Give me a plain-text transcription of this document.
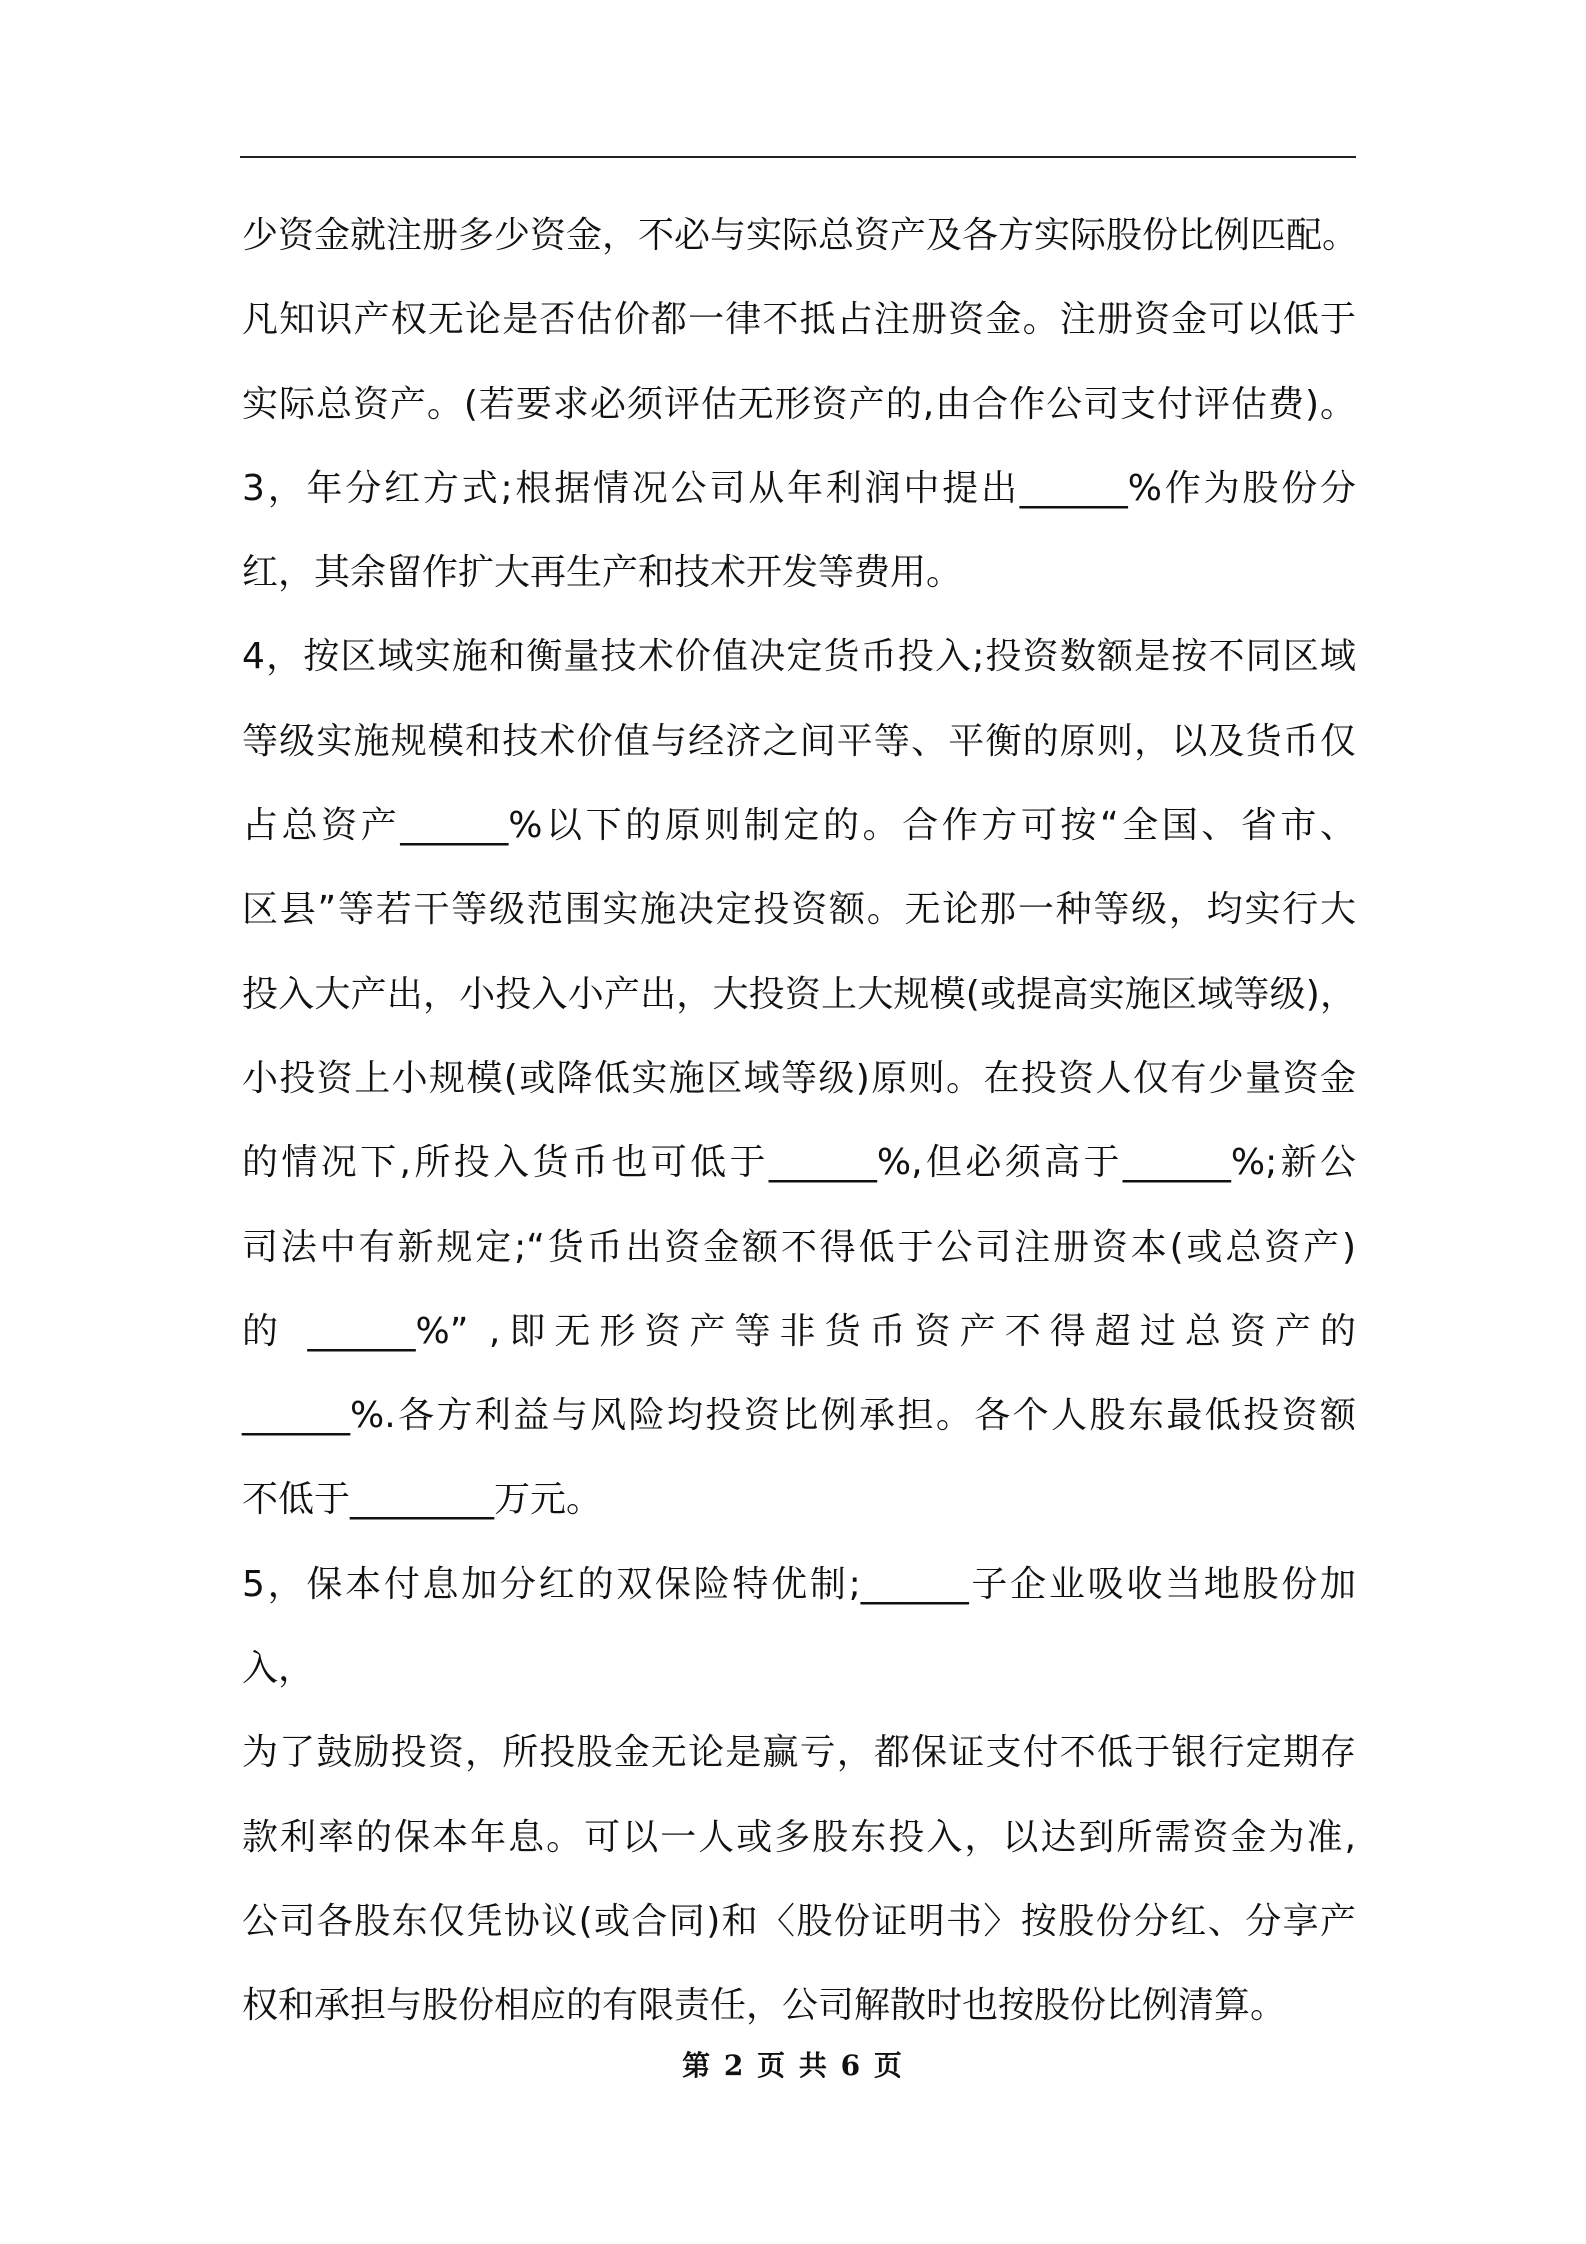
少资金就注册多少资金，不必与实际总资产及各方实际股份比例匹配。
凡知识产权无论是否估价都一律不抵占注册资金。注册资金可以低于
实际总资产。(若要求必须评估无形资产的,由合作公司支付评估费)。
3，年分红方式;根据情况公司从年利润中提出______%作为股份分
红，其余留作扩大再生产和技术开发等费用。
4，按区域实施和衡量技术价值决定货币投入;投资数额是按不同区域
等级实施规模和技术价值与经济之间平等、平衡的原则，以及货币仅
占总资产______%以下的原则制定的。合作方可按“全国、省市、
区县”等若干等级范围实施决定投资额。无论那一种等级，均实行大
投入大产出，小投入小产出，大投资上大规模(或提高实施区域等级)，
小投资上小规模(或降低实施区域等级)原则。在投资人仅有少量资金
的情况下,所投入货币也可低于______%,但必须高于______%;新公
司法中有新规定;“货币出资金额不得低于公司注册资本(或总资产)
的 ______%” ,即无形资产等非货币资产不得超过总资产的
______%.各方利益与风险均投资比例承担。各个人股东最低投资额
不低于________万元。
5，保本付息加分红的双保险特优制;______子企业吸收当地股份加
入，
为了鼓励投资，所投股金无论是赢亏，都保证支付不低于银行定期存
款利率的保本年息。可以一人或多股东投入，以达到所需资金为准,
公司各股东仅凭协议(或合同)和〈股份证明书〉按股份分红、分享产
权和承担与股份相应的有限责任，公司解散时也按股份比例清算。
第 2 页 共 6 页
